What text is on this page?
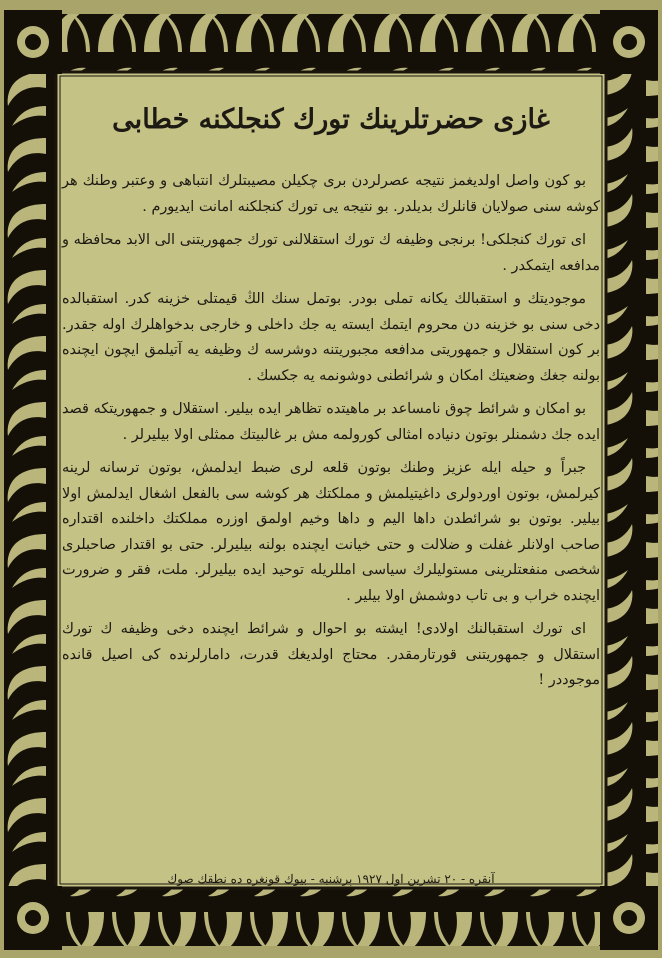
غازی حضرتلرینك تورك كنجلكنه خطابی

بو كون واصل اولدیغمز نتیجه عصرلردن بری چكیلن مصیبتلرك انتباهی و وعتبر وطنك هر كوشه سنی صولایان قانلرك بدیلدر. بو نتیجه یی تورك كنجلكنه امانت ایدیورم .

ای تورك كنجلكی! برنجی وظیفه ك تورك استقلالنی تورك جمهوریتنی الی الابد محافظه و مدافعه ایتمكدر .

موجودیتك و استقبالك یكانه تملی بودر. بوتمل سنك الڭ قیمتلی خزینه كدر. استقبالده دخی سنی بو خزینه دن محروم ایتمك ایسته یه جك داخلی و خارجی بدخواهلرك اوله جقدر. بر كون استقلال و جمهوریتی مدافعه مجبوریتنه دوشرسه ك وظیفه یه آتیلمق ایچون ایچنده بولنه جغك وضعیتك امكان و شرائطنی دوشونمه یه جكسك .

بو امكان و شرائط چوق نامساعد بر ماهیتده تظاهر ایده بیلیر. استقلال و جمهوریتكه قصد ایده جك دشمنلر بوتون دنیاده امثالی كورولمه مش بر غالبیتك ممثلی اولا بیلیرلر .

جبراً و حیله ایله عزیز وطنك بوتون قلعه لری ضبط ایدلمش، بوتون ترسانه لرینه كیرلمش، بوتون اوردولری داغیتیلمش و مملكتك هر كوشه سی بالفعل اشغال ایدلمش اولا بیلیر. بوتون بو شرائطدن داها الیم و داها وخیم اولمق اوزره مملكتك داخلنده اقتداره صاحب اولانلر غفلت و ضلالت و حتی خیانت ایچنده بولنه بیلیرلر. حتی بو اقتدار صاحبلری شخصی منفعتلرینی مستولیلرك سیاسی امللریله توحید ایده بیلیرلر. ملت، فقر و ضرورت ایچنده خراب و بی تاب دوشمش اولا بیلیر .

ای تورك استقبالنك اولادی! ایشته بو احوال و شرائط ایچنده دخی وظیفه ك تورك استقلال و جمهوریتنی قورتارمقدر. محتاج اولدیغك قدرت، دامارلرنده كی اصیل قانده موجوددر !

آنقره - ٢٠ تشرین اول ١٩٢٧ پرشنبه - بیوك قونغره ده نطقك صوك
